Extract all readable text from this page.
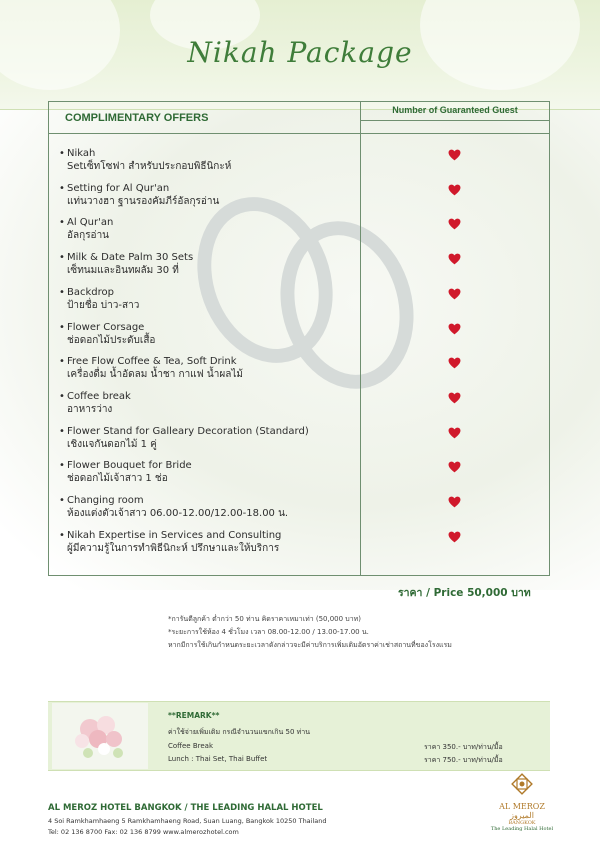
Nikah Package
COMPLIMENTARY OFFERS
Number of Guaranteed Guest
• Nikah
Setเซ็ทโซฟา สำหรับประกอบพิธีนิกะห์
• Setting for Al Qur'an
แท่นวางฮา ฐานรองคัมภีร์อัลกุรอ่าน
• Al Qur'an
อัลกุรอ่าน
• Milk & Date Palm 30 Sets
เซ็ทนมและอินทผลัม 30 ที่
• Backdrop
ป้ายชื่อ บ่าว-สาว
• Flower Corsage
ช่อดอกไม้ประดับเสื้อ
• Free Flow Coffee & Tea, Soft Drink
เครื่องดื่ม น้ำอัดลม น้ำชา กาแฟ น้ำผลไม้
• Coffee break
อาหารว่าง
• Flower Stand for Galleary Decoration (Standard)
เชิงแจกันดอกไม้ 1 คู่
• Flower Bouquet for Bride
ช่อดอกไม้เจ้าสาว 1 ช่อ
• Changing room
ห้องแต่งตัวเจ้าสาว 06.00-12.00/12.00-18.00 น.
• Nikah Expertise in Services and Consulting
ผู้มีความรู้ในการทำพิธีนิกะห์ ปรึกษาและให้บริการ
ราคา / Price 50,000 บาท
*การันตีลูกค้า ต่ำกว่า 50 ท่าน คิดราคาเหมาเท่า (50,000 บาท)
*ระยะการใช้ห้อง 4 ชั่วโมง เวลา 08.00-12.00 / 13.00-17.00 น.
หากมีการใช้เกินกำหนดระยะเวลาดังกล่าวจะมีค่าบริการเพิ่มเติมอัตราค่าเช่าสถานที่ของโรงแรม
**REMARK**
ค่าใช้จ่ายเพิ่มเติม กรณีจำนวนแขกเกิน 50 ท่าน
Coffee Break	ราคา 350.- บาท/ท่าน/มื้อ
Lunch : Thai Set, Thai Buffet	ราคา 750.- บาท/ท่าน/มื้อ
AL MEROZ HOTEL BANGKOK / THE LEADING HALAL HOTEL
4 Soi Ramkhamhaeng 5 Ramkhamhaeng Road, Suan Luang, Bangkok 10250 Thailand
Tel: 02 136 8700 Fax: 02 136 8799 www.almerozhotel.com
AL MEROZ الميروز
BANGKOK
The Leading Halal Hotel
